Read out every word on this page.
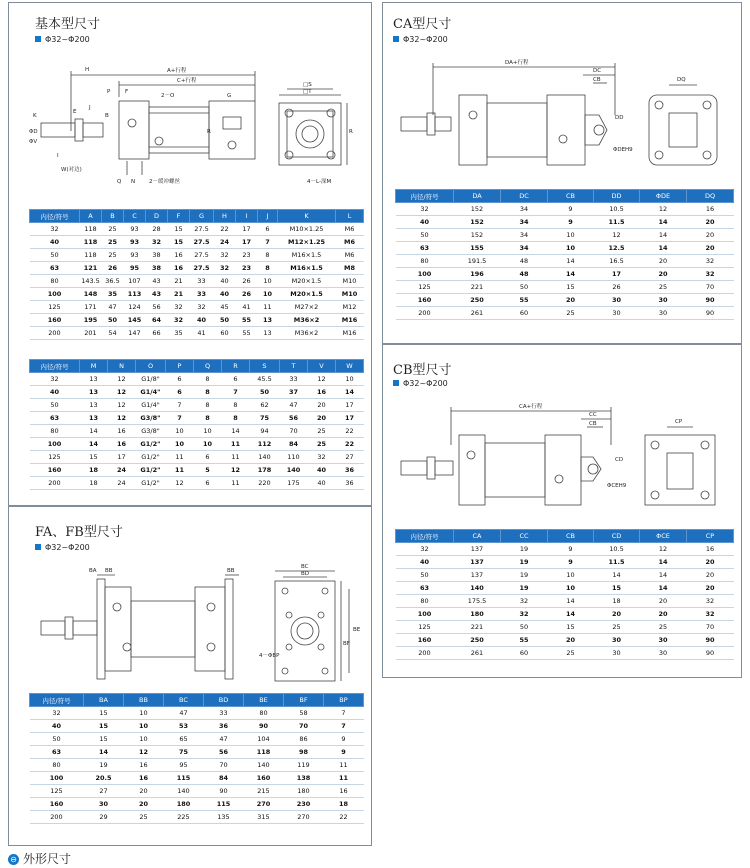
基本型尺寸
Φ32~Φ200
H	A+行程
C+行程
P	F
2－O	G
J
E
K	B
ΦD
ΦV
W(对边)
I
R
N
Q	2－缓冲螺丝
□S
□T
R
4－L-深M
内径/符号	A	B	C	D	F	G	H	I	J	K	L
32	118	25	93	28	15	27.5	22	17	6	M10×1.25	M6
40	118	25	93	32	15	27.5	24	17	7	M12×1.25	M6
50	118	25	93	38	16	27.5	32	23	8	M16×1.5	M6
63	121	26	95	38	16	27.5	32	23	8	M16×1.5	M8
80	143.5	36.5	107	43	21	33	40	26	10	M20×1.5	M10
100	148	35	113	43	21	33	40	26	10	M20×1.5	M10
125	171	47	124	56	32	32	45	41	11	M27×2	M12
160	195	50	145	64	32	40	50	55	13	M36×2	M16
200	201	54	147	66	35	41	60	55	13	M36×2	M16
内径/符号	M	N	O	P	Q	R	S	T	V	W
32	13	12	G1/8"	6	8	6	45.5	33	12	10
40	13	12	G1/4"	6	8	7	50	37	16	14
50	13	12	G1/4"	7	8	8	62	47	20	17
63	13	12	G3/8"	7	8	8	75	56	20	17
80	14	16	G3/8"	10	10	14	94	70	25	22
100	14	16	G1/2"	10	10	11	112	84	25	22
125	15	17	G1/2"	11	6	11	140	110	32	27
160	18	24	G1/2"	11	5	12	178	140	40	36
200	18	24	G1/2"	12	6	11	220	175	40	36
CA型尺寸
Φ32~Φ200
DA+行程
DC
CB
DD
ΦDEH9
DQ
内径/符号	DA	DC	CB	DD	ΦDE	DQ
32	152	34	9	10.5	12	16
40	152	34	9	11.5	14	20
50	152	34	10	12	14	20
63	155	34	10	12.5	14	20
80	191.5	48	14	16.5	20	32
100	196	48	14	17	20	32
125	221	50	15	26	25	70
160	250	55	20	30	30	90
200	261	60	25	30	30	90
CB型尺寸
Φ32~Φ200
CA+行程
CC
CB
CD
ΦCEH9
CP
内径/符号	CA	CC	CB	CD	ΦCE	CP
32	137	19	9	10.5	12	16
40	137	19	9	11.5	14	20
50	137	19	10	14	14	20
63	140	19	10	15	14	20
80	175.5	32	14	18	20	32
100	180	32	14	20	20	32
125	221	50	15	25	25	70
160	250	55	20	30	30	90
200	261	60	25	30	30	90
FA、FB型尺寸
Φ32~Φ200
BA BB	BB
BC
BD
BE
BF
4－ΦBP
内径/符号	BA	BB	BC	BD	BE	BF	BP
32	15	10	47	33	80	58	7
40	15	10	53	36	90	70	7
50	15	10	65	47	104	86	9
63	14	12	75	56	118	98	9
80	19	16	95	70	140	119	11
100	20.5	16	115	84	160	138	11
125	27	20	140	90	215	180	16
160	30	20	180	115	270	230	18
200	29	25	225	135	315	270	22
⊖ 外形尺寸
